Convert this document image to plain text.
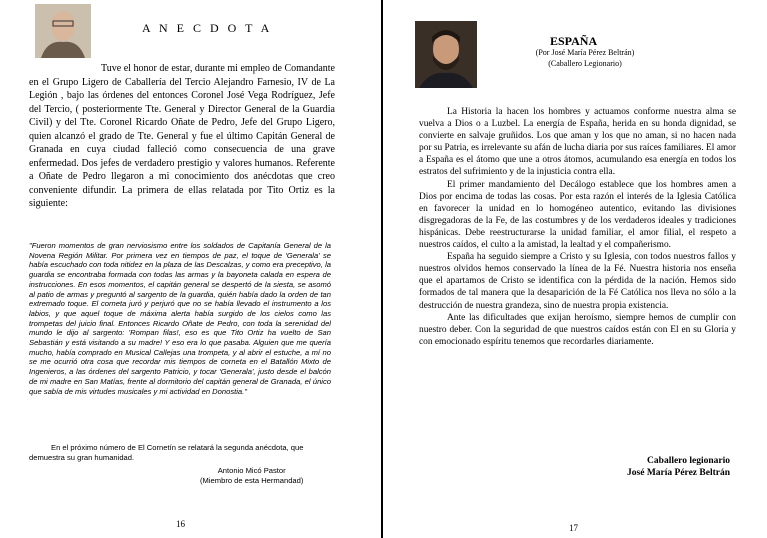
A N E C D O T A
Tuve el honor de estar, durante mi empleo de Comandante en el Grupo Ligero de Caballería del Tercio Alejandro Farnesio, IV de La Legión , bajo las órdenes del entonces Coronel José Vega Rodríguez, Jefe del Tercio, ( posteriormente Tte. General y Director General de la Guardia Civil) y del Tte. Coronel Ricardo Oñate de Pedro, Jefe del Grupo Ligero, quien alcanzó el grado de Tte. General y fue el último Capitán General de Granada en cuya ciudad falleció como consecuencia de una grave enfermedad. Dos jefes de verdadero prestigio y valores humanos. Referente a Oñate de Pedro llegaron a mi conocimiento dos anécdotas que creo conveniente difundir. La primera de ellas relatada por Tito Ortiz es la siguiente:
"Fueron momentos de gran nerviosismo entre los soldados de Capitanía General de la Novena Región Militar. Por primera vez en tiempos de paz, el toque de 'Generala' se había escuchado con toda nitidez en la plaza de las Descalzas, y como era preceptivo, la guardia se encontraba formada con todas las armas y la bayoneta calada en espera de instrucciones. En esos momentos, el capitán general se despertó de la siesta, se asomó al patio de armas y preguntó al sargento de la guardia, quién había dado la orden de tan extremado toque. El corneta juró y perjuró que no se había llevado el instrumento a los labios, y que aquel toque de máxima alerta había surgido de los cielos como las trompetas del juicio final. Entonces Ricardo Oñate de Pedro, con toda la serenidad del mundo le dijo al sargento: 'Rompan filas!, eso es que Tito Ortiz ha vuelto de San Sebastián y está visitando a su madre! Y eso era lo que pasaba. Alguien que me quería mucho, había comprado en Musical Callejas una trompeta, y al abrir el estuche, a mí no se me ocurrió otra cosa que recordar mis tiempos de corneta en el Batallón Mixto de Ingenieros, a las órdenes del sargento Patricio, y tocar 'Generala', justo desde el balcón de mi madre en San Matías, frente al dormitorio del capitán general de Granada, el único que sabía de mis virtudes musicales y mi actividad en Donostia."
En el próximo número de El Cornetín se relatará la segunda anécdota, que demuestra su gran humanidad.
Antonio Micó Pastor
(Miembro de esta Hermandad)
16
ESPAÑA
(Por José María Pérez Beltrán)
(Caballero Legionario)

La Historia la hacen los hombres y actuamos conforme nuestra alma se vuelva a Dios o a Luzbel. La energía de España, herida en su honda dignidad, se convierte en salvaje gruñidos. Los que aman y los que no aman, si no hacen nada por su Patria, es irrelevante su afán de lucha diaria por sus raíces familiares. El amor a España es el átomo que une a otros átomos, acumulando esa energía en todos los estratos del sufrimiento y de la injusticia contra ella.

El primer mandamiento del Decálogo establece que los hombres amen a Dios por encima de todas las cosas. Por esta razón el interés de la Iglesia Católica en favorecer la unidad en lo homogéneo autentico, evitando las divisiones disgregadoras de la Fe, de las costumbres y de los verdaderos ideales y tradiciones hispánicas. Debe reestructurarse la unidad familiar, el amor filial, el respeto a nuestros caídos, el culto a la amistad, la lealtad y el compañerismo.

España ha seguido siempre a Cristo y su Iglesia, con todos nuestros fallos y nuestros olvidos hemos conservado la línea de la Fé. Nuestra historia nos enseña que el apartamos de Cristo se identifica con la pérdida de la nación. Hemos sido formados de tal manera que la desaparición de la Fé Católica nos lleva no sólo a la destrucción de nuestra grandeza, sino de nuestra propia existencia.

Ante las dificultades que exijan heroísmo, siempre hemos de cumplir con nuestro deber. Con la seguridad de que nuestros caídos están con El en su Gloria y con emocionado espíritu tenemos que recordarles diariamente.

Caballero legionario
José María Pérez Beltrán
17
